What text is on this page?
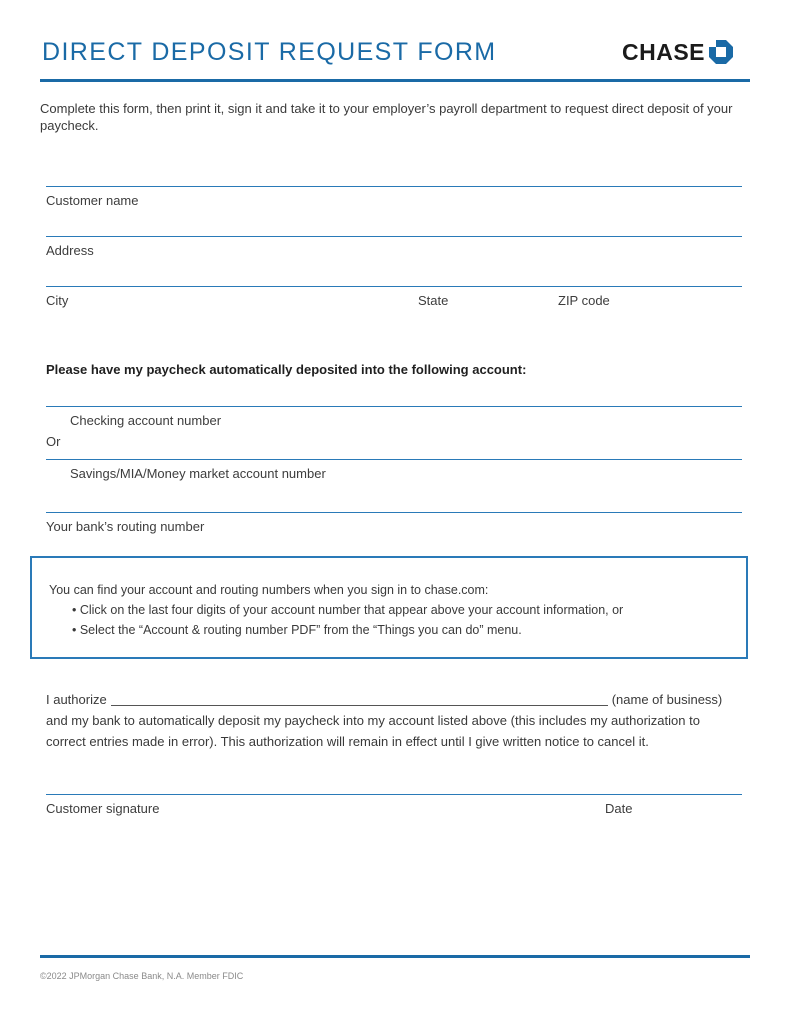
DIRECT DEPOSIT REQUEST FORM	CHASE
Complete this form, then print it, sign it and take it to your employer’s payroll department to request direct deposit of your paycheck.
Customer name
Address
City	State	ZIP code
Please have my paycheck automatically deposited into the following account:
Checking account number
Or
Savings/MIA/Money market account number
Your bank’s routing number
You can find your account and routing numbers when you sign in to chase.com:
• Click on the last four digits of your account number that appear above your account information, or
• Select the “Account & routing number PDF” from the “Things you can do” menu.
I authorize	(name of business)
and my bank to automatically deposit my paycheck into my account listed above (this includes my authorization to
correct entries made in error). This authorization will remain in effect until I give written notice to cancel it.
Customer signature	Date
©2022 JPMorgan Chase Bank, N.A. Member FDIC
